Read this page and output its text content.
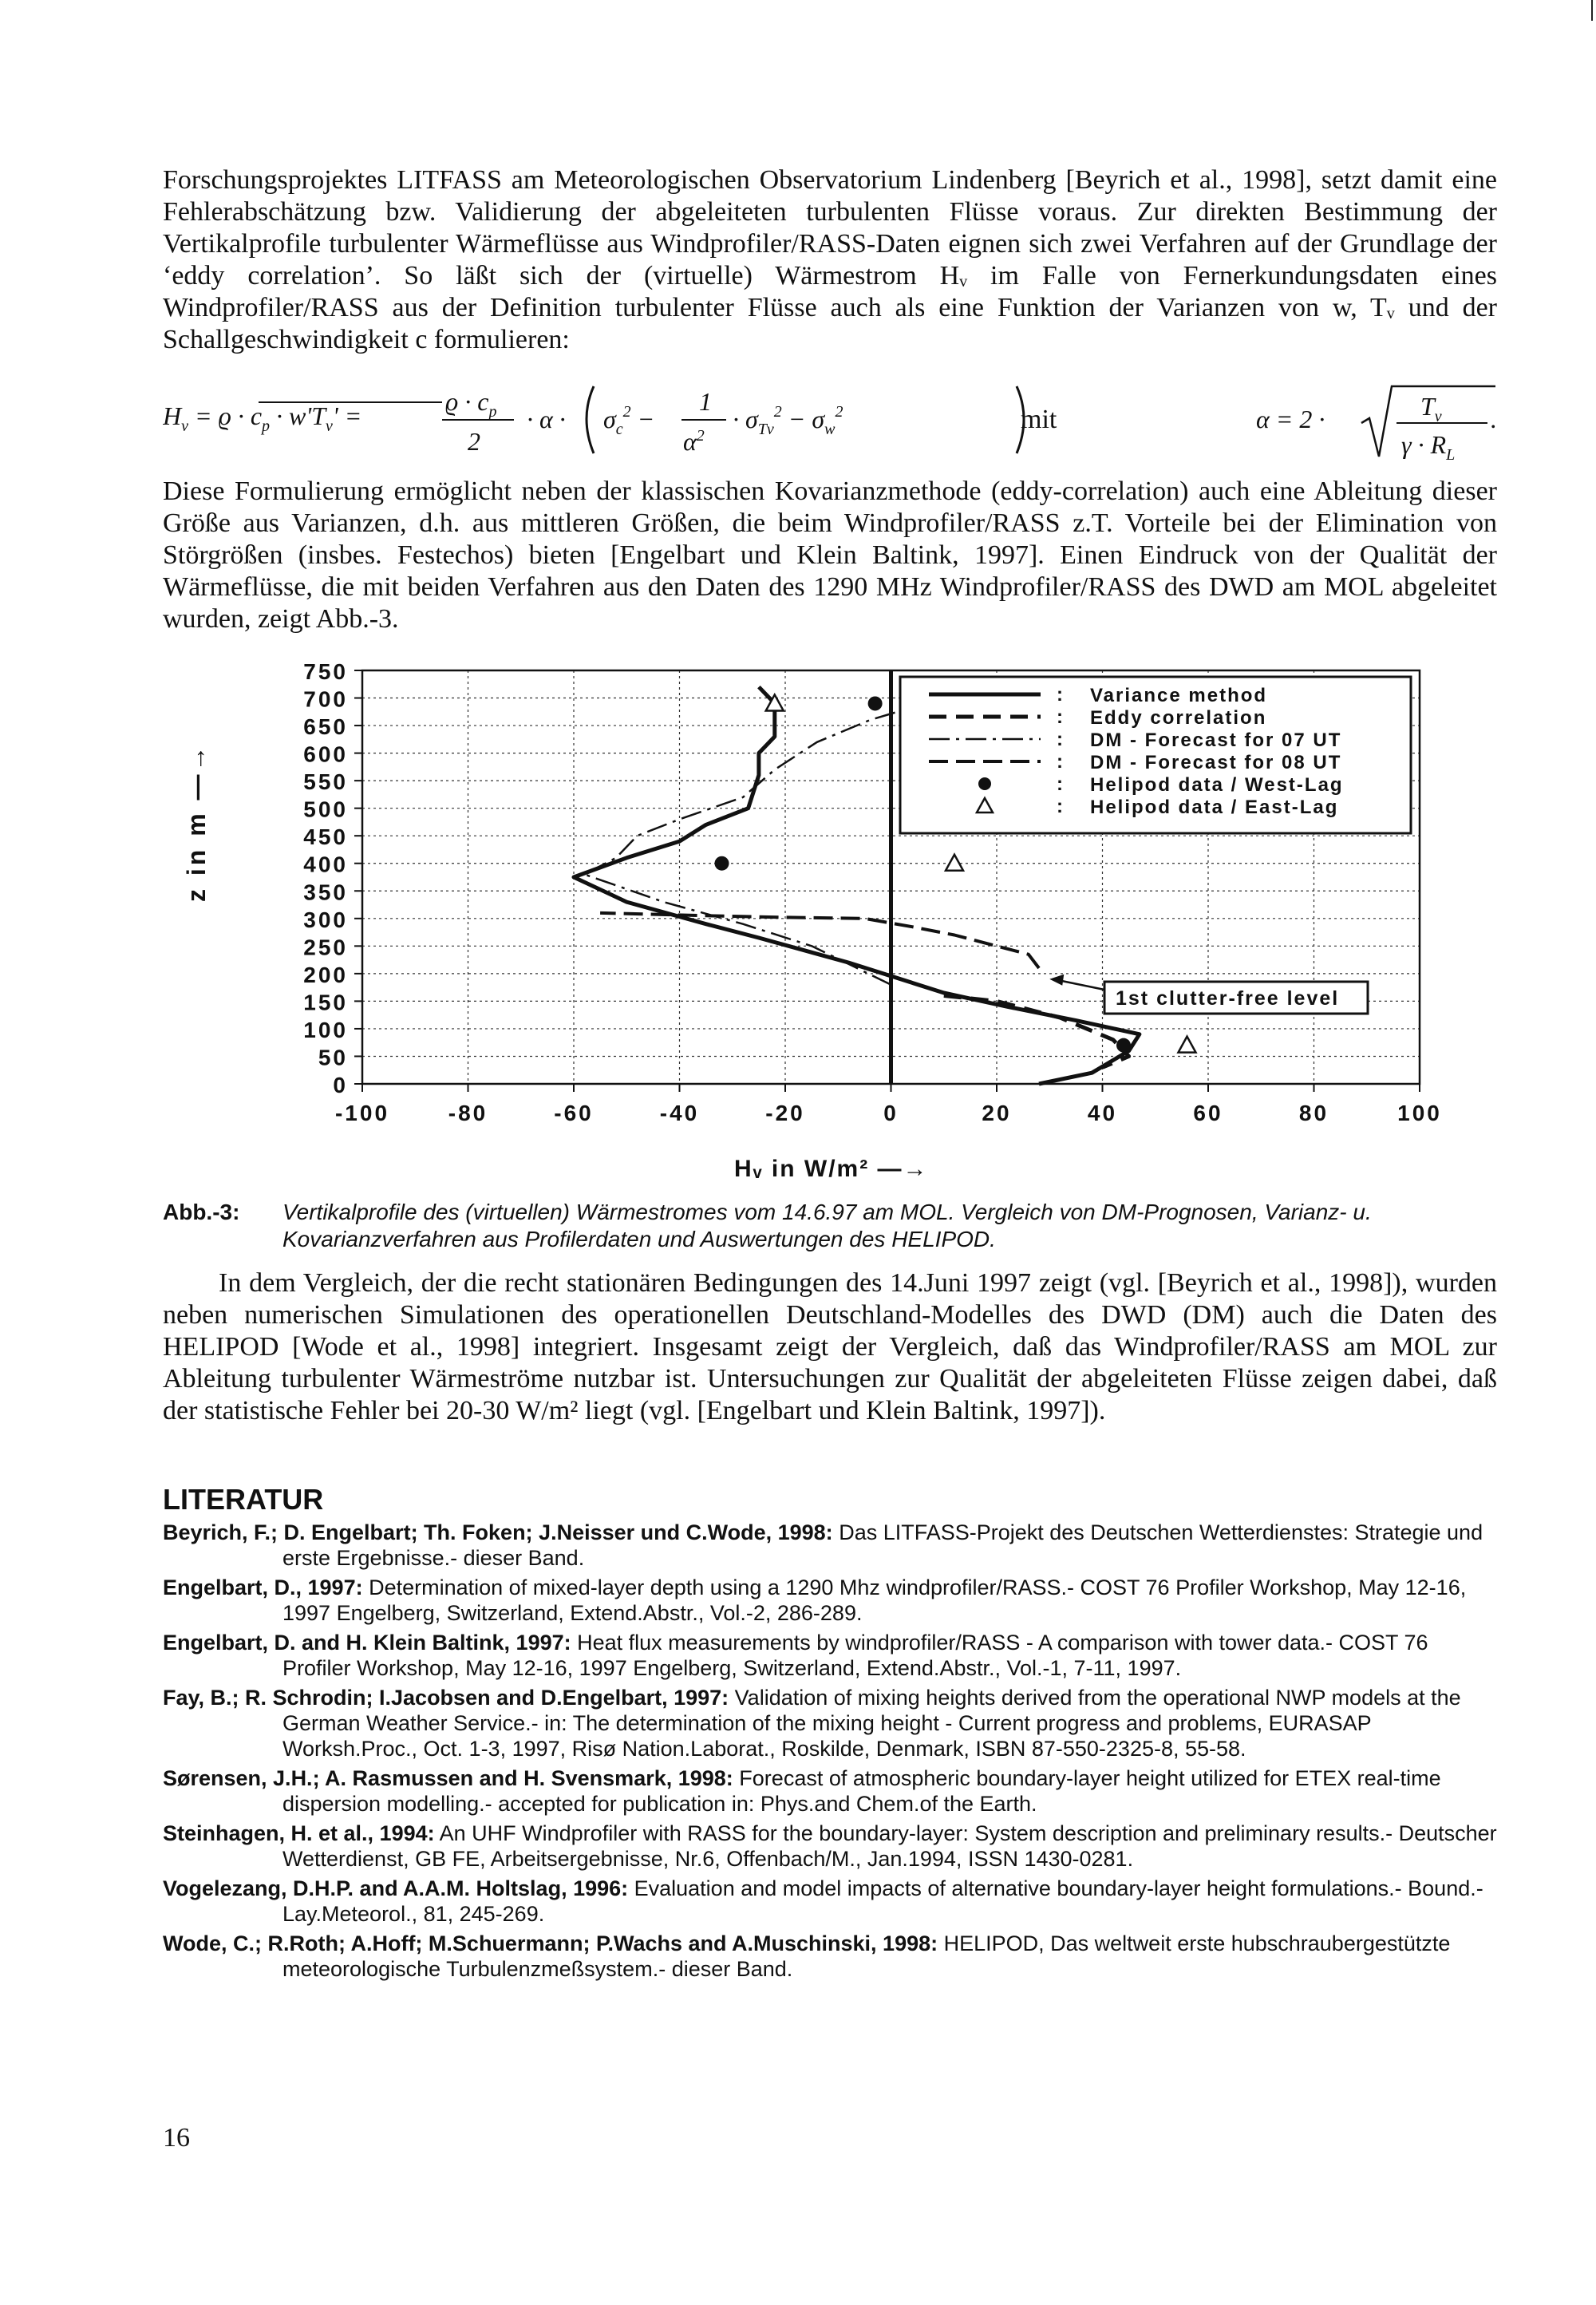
Forschungsprojektes LITFASS am Meteorologischen Observatorium Lindenberg [Beyrich et al., 1998], setzt damit eine Fehlerabschätzung bzw. Validierung der abgeleiteten turbulenten Flüsse voraus. Zur direkten Bestimmung der Vertikalprofile turbulenter Wärmeflüsse aus Windprofiler/RASS-Daten eignen sich zwei Verfahren auf der Grundlage der ‘eddy correlation’. So läßt sich der (virtuelle) Wärmestrom Hᵥ im Falle von Fernerkundungsdaten eines Windprofiler/RASS aus der Definition turbulenter Flüsse auch als eine Funktion der Varianzen von w, Tᵥ und der Schallgeschwindigkeit c formulieren:

$H_v = ϱ \cdot c_p \cdot w'T_v'$ =	$ϱ \cdot c_p$
2
· $\alpha \cdot \sigma_c^2$ −
1
$\alpha^2$
· $\sigma_{Tv}^2 - \sigma_w^2$	mit	α = 2 ·	$T_v$
$\gamma \cdot R_L$
.

Diese Formulierung ermöglicht neben der klassischen Kovarianzmethode (eddy-correlation) auch eine Ableitung dieser Größe aus Varianzen, d.h. aus mittleren Größen, die beim Windprofiler/RASS z.T. Vorteile bei der Elimination von Störgrößen (insbes. Festechos) bieten [Engelbart und Klein Baltink, 1997]. Einen Eindruck von der Qualität der Wärmeflüsse, die mit beiden Verfahren aus den Daten des 1290 MHz Windprofiler/RASS des DWD am MOL abgeleitet wurden, zeigt Abb.-3.

750
700
650
600
550
500
450
400
350
300
250
200
150
100
50
0
-100	-80	-60	-40	-20	0	20	40	60	80	100
: Variance method
: Eddy correlation
: DM - Forecast for 07 UT
: DM - Forecast for 08 UT
: Helipod data / West-Lag
: Helipod data / East-Lag
1st clutter-free level
z in m —→
Hᵥ in W/m² —→
Abb.-3: Vertikalprofile des (virtuellen) Wärmestromes vom 14.6.97 am MOL. Vergleich von DM-Prognosen, Varianz- u.
Kovarianzverfahren aus Profilerdaten und Auswertungen des HELIPOD.

In dem Vergleich, der die recht stationären Bedingungen des 14.Juni 1997 zeigt (vgl. [Beyrich et al., 1998]), wurden neben numerischen Simulationen des operationellen Deutschland-Modelles des DWD (DM) auch die Daten des HELIPOD [Wode et al., 1998] integriert. Insgesamt zeigt der Vergleich, daß das Windprofiler/RASS am MOL zur Ableitung turbulenter Wärmeströme nutzbar ist. Untersuchungen zur Qualität der abgeleiteten Flüsse zeigen dabei, daß der statistische Fehler bei 20-30 W/m² liegt (vgl. [Engelbart und Klein Baltink, 1997]).

LITERATUR

Beyrich, F.; D. Engelbart; Th. Foken; J.Neisser und C.Wode, 1998: Das LITFASS-Projekt des Deutschen Wetterdienstes: Strategie und erste Ergebnisse.- dieser Band.

Engelbart, D., 1997: Determination of mixed-layer depth using a 1290 Mhz windprofiler/RASS.- COST 76 Profiler Workshop, May 12-16, 1997 Engelberg, Switzerland, Extend.Abstr., Vol.-2, 286-289.

Engelbart, D. and H. Klein Baltink, 1997: Heat flux measurements by windprofiler/RASS - A comparison with tower data.- COST 76 Profiler Workshop, May 12-16, 1997 Engelberg, Switzerland, Extend.Abstr., Vol.-1, 7-11, 1997.

Fay, B.; R. Schrodin; I.Jacobsen and D.Engelbart, 1997: Validation of mixing heights derived from the operational NWP models at the German Weather Service.- in: The determination of the mixing height - Current progress and problems, EURASAP Worksh.Proc., Oct. 1-3, 1997, Risø Nation.Laborat., Roskilde, Denmark, ISBN 87-550-2325-8, 55-58.

Sørensen, J.H.; A. Rasmussen and H. Svensmark, 1998: Forecast of atmospheric boundary-layer height utilized for ETEX real-time dispersion modelling.- accepted for publication in: Phys.and Chem.of the Earth.

Steinhagen, H. et al., 1994: An UHF Windprofiler with RASS for the boundary-layer: System description and preliminary results.- Deutscher Wetterdienst, GB FE, Arbeitsergebnisse, Nr.6, Offenbach/M., Jan.1994, ISSN 1430-0281.

Vogelezang, D.H.P. and A.A.M. Holtslag, 1996: Evaluation and model impacts of alternative boundary-layer height formulations.- Bound.-Lay.Meteorol., 81, 245-269.

Wode, C.; R.Roth; A.Hoff; M.Schuermann; P.Wachs and A.Muschinski, 1998: HELIPOD, Das weltweit erste hubschraubergestützte meteorologische Turbulenzmeßsystem.- dieser Band.

16
